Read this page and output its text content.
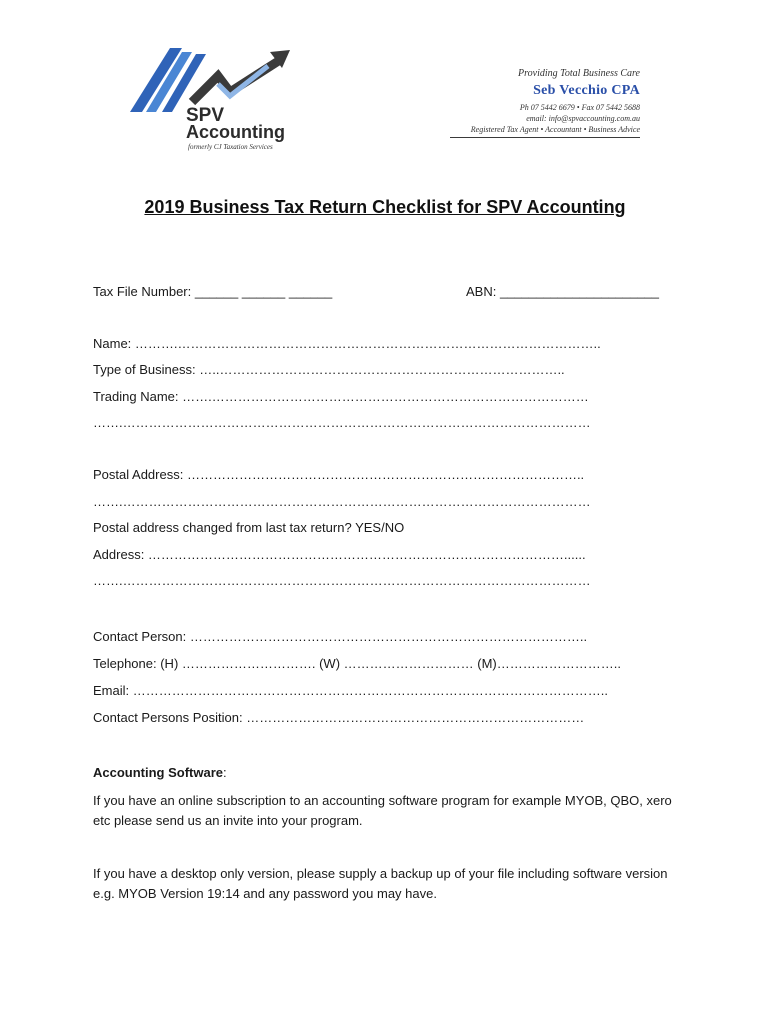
SPV
Accounting
formerly CJ Taxation Services
Providing Total Business Care
Seb Vecchio CPA
Ph 07 5442 6679 • Fax 07 5442 5688
email: info@spvaccounting.com.au
Registered Tax Agent • Accountant • Business Advice
2019 Business Tax Return Checklist for SPV Accounting
Tax File Number: ______ ______ ______	ABN: ______________________
Name: ……….……………………………………………………………………………………..
Type of Business: …..……………………………………………………………………..
Trading Name: …….……………………………………………………………………………
…….………………………………………………………………………………………………
Postal Address: ………………………………………………………………………………..
…….………………………………………………………………………………………………
Postal address changed from last tax return? YES/NO
Address: ……………………………………………………………………………………......
…….………………………………………………………………………………………………
Contact Person: ………………………………………………………………………………..
Telephone: (H) …………………………. (W) ………………………… (M)………………………..
Email: ………………………………………………………………………………………………..
Contact Persons Position: ……………………………………………………………………
Accounting Software:
If you have an online subscription to an accounting software program for example MYOB, QBO, xero etc please send us an invite into your program.
If you have a desktop only version, please supply a backup up of your file including software version e.g. MYOB Version 19:14 and any password you may have.
